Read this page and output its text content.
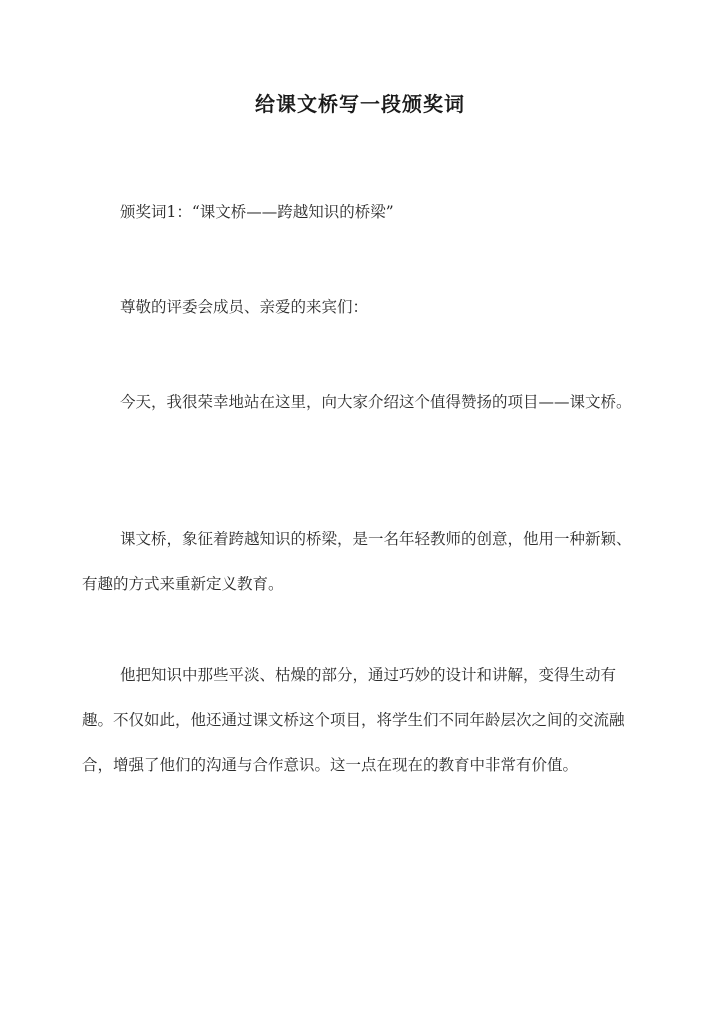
给课文桥写一段颁奖词

颁奖词1：“课文桥——跨越知识的桥梁”

尊敬的评委会成员、亲爱的来宾们：

今天，我很荣幸地站在这里，向大家介绍这个值得赞扬的项目——课文桥。

课文桥，象征着跨越知识的桥梁，是一名年轻教师的创意，他用一种新颖、有趣的方式来重新定义教育。

他把知识中那些平淡、枯燥的部分，通过巧妙的设计和讲解，变得生动有趣。不仅如此，他还通过课文桥这个项目，将学生们不同年龄层次之间的交流融合，增强了他们的沟通与合作意识。这一点在现在的教育中非常有价值。
